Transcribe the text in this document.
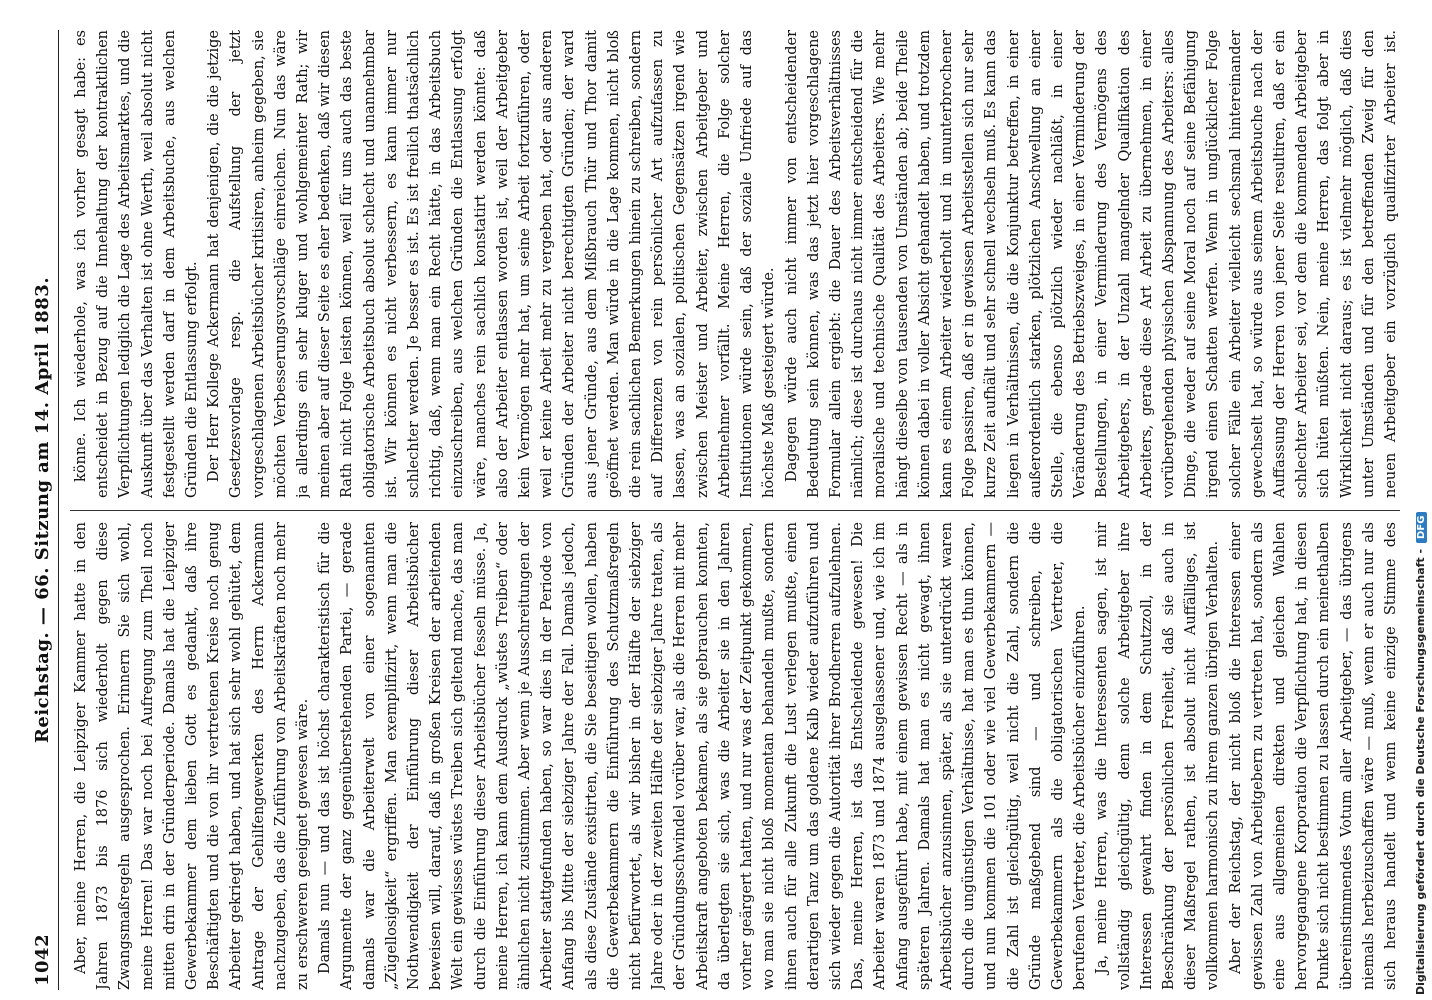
1042
Reichstag. — 66. Sitzung am 14. April 1883.

Aber, meine Herren, die Leipziger Kammer hatte in den Jahren 1873 bis 1876 sich wiederholt gegen diese Zwangsmaßregeln ausgesprochen. Erinnern Sie sich wohl, meine Herren! Das war noch bei Aufregung zum Theil noch mitten drin in der Gründerperiode. Damals hat die Leipziger Gewerbekammer dem lieben Gott es gedankt, daß ihre Beschäftigten und die von ihr vertretenen Kreise noch genug Arbeiter gekriegt haben, und hat sich sehr wohl gehütet, dem Antrage der Gehilfengewerken des Herrn Ackermann nachzugeben, das die Zuführung von Arbeitskräften noch mehr zu erschweren geeignet gewesen wäre. Damals nun — und das ist höchst charakteristisch für die Argumente der ganz gegenüberstehenden Partei, — gerade damals war die Arbeiterwelt von einer sogenannten „Zügellosigkeit“ ergriffen. Man exemplifizirt, wenn man die Nothwendigkeit der Einführung dieser Arbeitsbücher beweisen will, darauf, daß in großen Kreisen der arbeitenden Welt ein gewisses wüstes Treiben sich geltend mache, das man durch die Einführung dieser Arbeitsbücher fesseln müsse. Ja, meine Herren, ich kann dem Ausdruck „wüstes Treiben“ oder ähnlichen nicht zustimmen. Aber wenn je Ausschreitungen der Arbeiter stattgefunden haben, so war dies in der Periode von Anfang bis Mitte der siebziger Jahre der Fall. Damals jedoch, als diese Zustände existirten, die Sie beseitigen wollen, haben die Gewerbekammern die Einführung des Schutzmaßregeln nicht befürwortet, als wir bisher in der Hälfte der siebziger Jahre oder in der zweiten Hälfte der siebziger Jahre traten, als der Gründungsschwindel vorüber war, als die Herren mit mehr Arbeitskraft angeboten bekamen, als sie gebrauchen konnten, da überlegten sie sich, was die Arbeiter sie in den Jahren vorher geärgert hatten, und nur was der Zeitpunkt gekommen, wo man sie nicht bloß momentan behandeln mußte, sondern ihnen auch für alle Zukunft die Lust verlegen mußte, einen derartigen Tanz um das goldene Kalb wieder aufzuführen und sich wieder gegen die Autorität ihrer Brodherren aufzulehnen. Das, meine Herren, ist das Entscheidende gewesen! Die Arbeiter waren 1873 und 1874 ausgelassener und, wie ich im Anfang ausgeführt habe, mit einem gewissen Recht — als in späteren Jahren. Damals hat man es nicht gewagt, ihnen Arbeitsbücher anzusinnen, später, als sie unterdrückt waren durch die ungünstigen Verhältnisse, hat man es thun können, und nun kommen die 101 oder wie viel Gewerbekammern — die Zahl ist gleichgültig, weil nicht die Zahl, sondern die Gründe maßgebend sind — und schreiben, die Gewerbekammern als die obligatorischen Vertreter, die berufenen Vertreter, die Arbeitsbücher einzuführen. Ja, meine Herren, was die Interessenten sagen, ist mir vollständig gleichgültig, denn solche Arbeitgeber ihre Interessen gewahrt finden in dem Schutzzoll, in der Beschränkung der persönlichen Freiheit, daß sie auch in dieser Maßregel rathen, ist absolut nicht Auffälliges, ist vollkommen harmonisch zu ihrem ganzen übrigen Verhalten. Aber der Reichstag, der nicht bloß die Interessen einer gewissen Zahl von Arbeitgebern zu vertreten hat, sondern als eine aus allgemeinen direkten und gleichen Wahlen hervorgegangene Korporation die Verpflichtung hat, in diesen Punkte sich nicht bestimmen zu lassen durch ein meinethalben übereinstimmendes Votum aller Arbeitgeber, — das übrigens niemals herbeizuschaffen wäre — muß, wenn er auch nur als sich heraus handelt und wenn keine einzige Stimme des

könne. Ich wiederhole, was ich vorher gesagt habe: es entscheidet in Bezug auf die Innehaltung der kontraktlichen Verpflichtungen lediglich die Lage des Arbeitsmarktes, und die Auskunft über das Verhalten ist ohne Werth, weil absolut nicht festgestellt werden darf in dem Arbeitsbuche, aus welchen Gründen die Entlassung erfolgt. Der Herr Kollege Ackermann hat denjenigen, die die jetzige Gesetzesvorlage resp. die Aufstellung der jetzt vorgeschlagenen Arbeitsbücher kritisiren, anheim gegeben, sie möchten Verbesserungsvorschläge einreichen. Nun das wäre ja allerdings ein sehr kluger und wohlgemeinter Rath; wir meinen aber auf dieser Seite es eher bedenken, daß wir diesen Rath nicht Folge leisten können, weil für uns auch das beste obligatorische Arbeitsbuch absolut schlecht und unannehmbar ist. Wir können es nicht verbessern, es kann immer nur schlechter werden. Je besser es ist. Es ist freilich thatsächlich richtig, daß, wenn man ein Recht hätte, in das Arbeitsbuch einzuschreiben, aus welchen Gründen die Entlassung erfolgt wäre, manches rein sachlich konstatirt werden könnte: daß also der Arbeiter entlassen worden ist, weil der Arbeitgeber kein Vermögen mehr hat, um seine Arbeit fortzuführen, oder weil er keine Arbeit mehr zu vergeben hat, oder aus anderen Gründen der Arbeiter nicht berechtigten Gründen; der ward aus jener Gründe, aus dem Mißbrauch Thür und Thor damit geöffnet werden. Man würde in die Lage kommen, nicht bloß die rein sachlichen Bemerkungen hinein zu schreiben, sondern auf Differenzen von rein persönlicher Art aufzufassen zu lassen, was an sozialen, politischen Gegensätzen irgend wie zwischen Meister und Arbeiter, zwischen Arbeitgeber und Arbeitnehmer vorfällt. Meine Herren, die Folge solcher Institutionen würde sein, daß der soziale Unfriede auf das höchste Maß gesteigert würde. Dagegen würde auch nicht immer von entscheidender Bedeutung sein können, was das jetzt hier vorgeschlagene Formular allein ergiebt: die Dauer des Arbeitsverhältnisses nämlich; diese ist durchaus nicht immer entscheidend für die moralische und technische Qualität des Arbeiters. Wie mehr hängt dieselbe von tausenden von Umständen ab; beide Theile können dabei in voller Absicht gehandelt haben, und trotzdem kann es einem Arbeiter wiederholt und in ununterbrochener Folge passiren, daß er in gewissen Arbeitsstellen sich nur sehr kurze Zeit aufhält und sehr schnell wechseln muß. Es kann das liegen in Verhältnissen, die die Konjunktur betreffen, in einer außerordentlich starken, plötzlichen Anschwellung an einer Stelle, die ebenso plötzlich wieder nachläßt, in einer Veränderung des Betriebszweiges, in einer Verminderung der Bestellungen, in einer Verminderung des Vermögens des Arbeitgebers, in der Unzahl mangelnder Qualifikation des Arbeiters, gerade diese Art Arbeit zu übernehmen, in einer vorübergehenden physischen Abspannung des Arbeiters: alles Dinge, die weder auf seine Moral noch auf seine Befähigung irgend einen Schatten werfen. Wenn in unglücklicher Folge solcher Fälle ein Arbeiter vielleicht sechsmal hintereinander gewechselt hat, so würde aus seinem Arbeitsbuche nach der Auffassung der Herren von jener Seite resultiren, daß er ein schlechter Arbeiter sei, vor dem die kommenden Arbeitgeber sich hüten müßten. Nein, meine Herren, das folgt aber in Wirklichkeit nicht daraus; es ist vielmehr möglich, daß dies unter Umständen und für den betreffenden Zweig für den neuen Arbeitgeber ein vorzüglich qualifizirter Arbeiter ist.

Digitalisierung gefördert durch die Deutsche Forschungsgemeinschaft -DFG
